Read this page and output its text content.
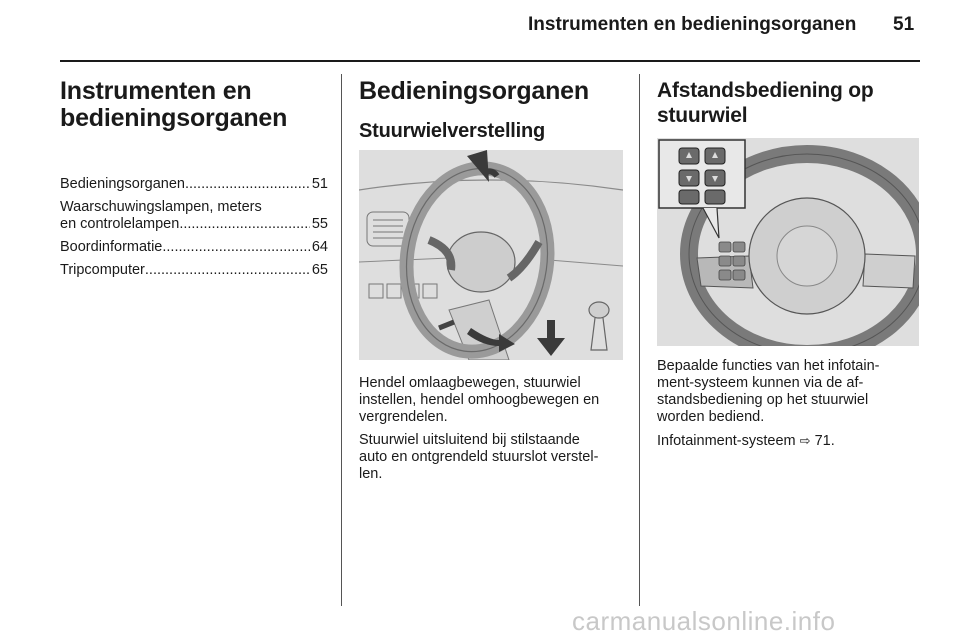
Instrumenten en bedieningsorganen 51
Instrumenten en
bedieningsorganen
Bedieningsorganen .....	51
Waarschuwingslampen, meters
en controlelampen .....	55
Boordinformatie .....	64
Tripcomputer .....	65
Bedieningsorganen
Stuurwielverstelling

Hendel omlaagbewegen, stuurwiel
instellen, hendel omhoogbewegen en
vergrendelen.

Stuurwiel uitsluitend bij stilstaande
auto en ontgrendeld stuurslot verstel-
len.

Afstandsbediening op
stuurwiel

Bepaalde functies van het infotain-
ment-systeem kunnen via de af-
standsbediening op het stuurwiel
worden bediend.

Infotainment-systeem ⇨ 71.

carmanualsonline.info
